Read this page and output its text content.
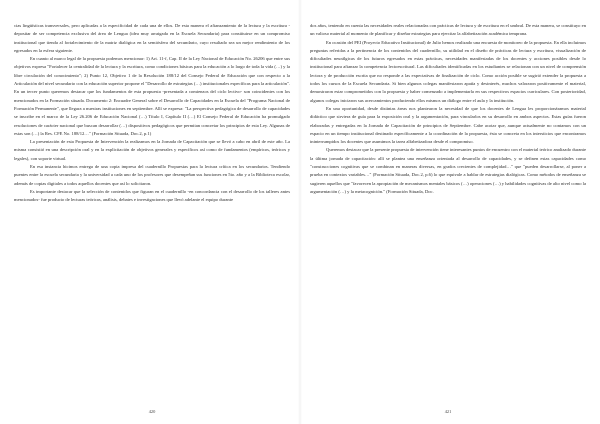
cias lingüísticas transversales, pero aplicadas a la especificidad de cada una de ellos. De esta manera el afianzamiento de la lectura y la escritura -depositar de ser competencia exclusiva del área de Lengua (idea muy arraigada en la Escuela Secundaria) para constituirse en un compromiso institucional que tienda al fortalecimiento de la matriz dialógica en la semiósfera del secundario, cuyo resultado sea un mejor rendimiento de los egresados en la esfera siguiente.

En cuanto al marco legal de la propuesta podemos mencionar: 1) Art. 11-f, Cap. II de la Ley Nacional de Educación No. 26206 que entre sus objetivos expresa "Fortalecer la centralidad de la lectura y la escritura, como condiciones básicas para la educación a lo largo de toda la vida (…) y la libre circulación del conocimiento"; 2) Punto 12, Objetivo 1 de la Resolución 188/12 del Consejo Federal de Educación que con respecto a la Articulación del nivel secundario con la educación superior propone el "Desarrollo de estrategias (…) institucionales específicas para la articulación". En un tercer punto queremos destacar que los fundamentos de esta propuesta -presentada a comienzos del ciclo lectivo- son coincidentes con los mencionados en la Formación situada. Documento 2: Encuadre General sobre el Desarrollo de Capacidades en la Escuela del "Programa Nacional de Formación Permanente", que llegara a nuestras instituciones en septiembre. Allí se expresa: "La perspectiva pedagógica de desarrollo de capacidades se inscribe en el marco de la Ley 26.206 de Educación Nacional (…) Título I, Capítulo II (…) El Consejo Federal de Educación ha promulgado resoluciones de carácter nacional que buscan desarrollar (…) dispositivos pedagógicos que permitan concretar los principios de esta Ley. Algunas de estas son (…) la Res. CFE No. 188/12…" (Formación Situada, Doc.2, p.1)

La presentación de esta Propuesta de Intervención la realizamos en la Jornada de Capacitación que se llevó a cabo en abril de este año. La misma consistió en una descripción oral y en la explicitación de objetivos generales y específicos así como de fundamentos (empíricos, teóricos y legales), con soporte virtual.

En esa instancia hicimos entrega de una copia impresa del cuadernillo Propuestas para la lectura crítica en los secundarios. Tendiendo puentes entre la escuela secundaria y la universidad a cada uno de los profesores que desempeñan sus funciones en 5to. año y a la Biblioteca escolar, además de copias digitales a todos aquellos docentes que así lo solicitaron.

Es importante destacar que la selección de contenidos que figuran en el cuadernillo -en concordancia con el desarrollo de los talleres antes mencionados- fue producto de lecturas teóricas, análisis, debates e investigaciones que llevó adelante el equipo durante

420

dos años, teniendo en cuenta las necesidades reales relacionadas con prácticas de lectura y de escritura en el umbral. De esta manera, se constituyo en un valioso material al momento de planificar y diseñar estrategias para ejercitar la alfabetización académica temprana.

En ocasión del PEI (Proyecto Educativo Institucional) de Julio hemos realizado una encuesta de monitoreo de la propuesta. En ella incluimos preguntas referidas a la pertinencia de los contenidos del cuadernillo, su utilidad en el diseño de prácticas de lectura y escritura, visualización de dificultades neurálgicas de los futuros egresados en estas prácticas, necesidades manifestadas de los docentes y acciones posibles desde lo institucional para afianzar la competencia lectoescritural. Las dificultades identificadas en los estudiantes se relacionan con un nivel de comprensión lectora y de producción escrita que no responde a las expectativas de finalización de ciclo. Como acción posible se sugirió extender la propuesta a todos los cursos de la Escuela Secundaria. Si bien algunos colegas manifestaron apatía y desinterés, muchos valoraron positivamente el material, demostraron estar comprometidos con la propuesta y haber comenzado a implementarla en sus respectivos espacios curriculares. Con posterioridad, algunos colegas iniciaron sus acercamientos produciendo ellos mismos un diálogo entre el aula y la institución.

En una oportunidad, desde distintas áreas nos plantearon la necesidad de que los docentes de Lengua les proporcionáramos material didáctico que sirviera de guía para la exposición oral y la argumentación, para vincularlos en su desarrollo en ambos aspectos. Estas guías fueron elaboradas y entregadas en la Jornada de Capacitación de principios de Septiembre. Cabe acotar que, aunque actualmente no contamos con un espacio en un tiempo institucional destinado específicamente a la coordinación de la propuesta, ésta se concreta en los intersticios que encontramos ininterrumpidos los docentes que asumimos la tarea alfabetizadora desde el compromiso.

Queremos destacar que la presente propuesta de intervención tiene interesantes puntos de encuentro con el material teórico analizado durante la última jornada de capacitación: allí se plantea una enseñanza orientada al desarrollo de capacidades, y se definen estas capacidades como "construcciones cognitivas que se combinan en maneras diversas, en grados crecientes de complejidad…" que "pueden desarrollarse, al poner a prueba en contextos variables…" (Formación Situada, Doc.2, p.6) lo que equivale a hablar de estrategias dialógicas. Como métodos de enseñanza se sugieren aquellos que "favorecen la apropiación de mecanismos mentales básicos (…) operaciones (…) y habilidades cognitivas de alto nivel como la argumentación (…) y la metacognición." (Formación Situada, Doc.

421
